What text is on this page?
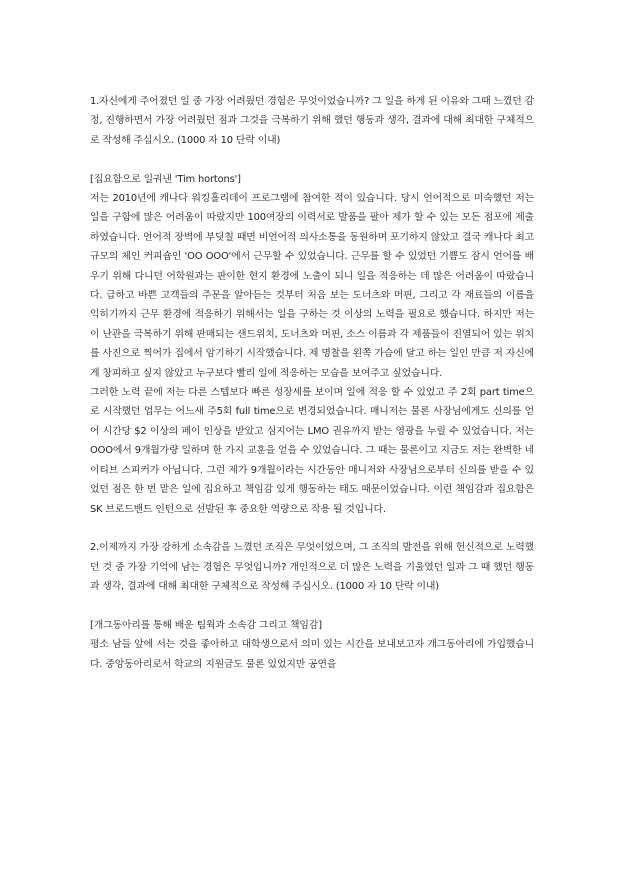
1.자신에게 주어졌던 일 중 가장 어려웠던 경험은 무엇이었습니까? 그 일을 하게 된 이유와 그때 느꼈던 감정, 진행하면서 가장 어려웠던 점과 그것을 극복하기 위해 했던 행동과 생각, 결과에 대해 최대한 구체적으로 작성해 주십시오. (1000 자 10 단락 이내)

[집요함으로 일궈낸 'Tim hortons']

저는 2010년에 캐나다 워킹홀리데이 프로그램에 참여한 적이 있습니다. 당시 언어적으로 미숙했던 저는 일을 구함에 많은 어려움이 따랐지만 100여장의 이력서로 발품을 팔아 제가 할 수 있는 모든 점포에 제출하였습니다. 언어적 장벽에 부딪칠 때면 비언어적 의사소통을 동원하며 포기하지 않았고 결국 캐나다 최고 규모의 체인 커피숍인 'OO OOO'에서 근무할 수 있었습니다. 근무를 할 수 있었던 기쁨도 잠시 언어를 배우기 위해 다니던 어학원과는 판이한 현지 환경에 노출이 되니 일을 적응하는 데 많은 어려움이 따랐습니다. 급하고 바쁜 고객들의 주문을 알아듣는 것부터 처음 보는 도너츠와 머핀, 그리고 각 재료들의 이름을 익히기까지 근무 환경에 적응하기 위해서는 일을 구하는 것 이상의 노력을 필요로 했습니다. 하지만 저는 이 난관을 극복하기 위해 판매되는 샌드위치, 도너츠와 머핀, 소스 이름과 각 제품들이 진열되어 있는 위치를 사진으로 찍어가 집에서 암기하기 시작했습니다. 제 명찰을 왼쪽 가슴에 달고 하는 일인 만큼 저 자신에게 창피하고 싶지 않았고 누구보다 빨리 일에 적응하는 모습을 보여주고 싶었습니다.

그러한 노력 끝에 저는 다른 스텝보다 빠른 성장세를 보이며 일에 적응 할 수 있었고 주 2회 part time으로 시작했던 업무는 어느새 주5회 full time으로 변경되었습니다. 매니저는 물론 사장님에게도 신의를 얻어 시간당 $2 이상의 페이 인상을 받았고 심지어는 LMO 권유까지 받는 영광을 누릴 수 있었습니다. 저는 OOO에서 9개월가량 일하며 한 가지 교훈을 얻을 수 있었습니다. 그 때는 물론이고 지금도 저는 완벽한 네이티브 스피커가 아닙니다. 그런 제가 9개월이라는 시간동안 매니저와 사장님으로부터 신의를 받을 수 있었던 점은 한 번 맡은 일에 집요하고 책임감 있게 행동하는 태도 때문이었습니다. 이런 책임감과 집요함은 SK 브로드밴드 인턴으로 선발된 후 중요한 역량으로 작용 될 것입니다.

2.이제까지 가장 강하게 소속감을 느꼈던 조직은 무엇이었으며, 그 조직의 발전을 위해 헌신적으로 노력했던 것 중 가장 기억에 남는 경험은 무엇입니까? 개인적으로 더 많은 노력을 기울였던 일과 그 때 했던 행동과 생각, 결과에 대해 최대한 구체적으로 작성해 주십시오. (1000 자 10 단락 이내)

[개그동아리를 통해 배운 팀웍과 소속감 그리고 책임감]

평소 남들 앞에 서는 것을 좋아하고 대학생으로서 의미 있는 시간을 보내보고자 개그동아리에 가입했습니다. 중앙동아리로서 학교의 지원금도 물론 있었지만 공연을
